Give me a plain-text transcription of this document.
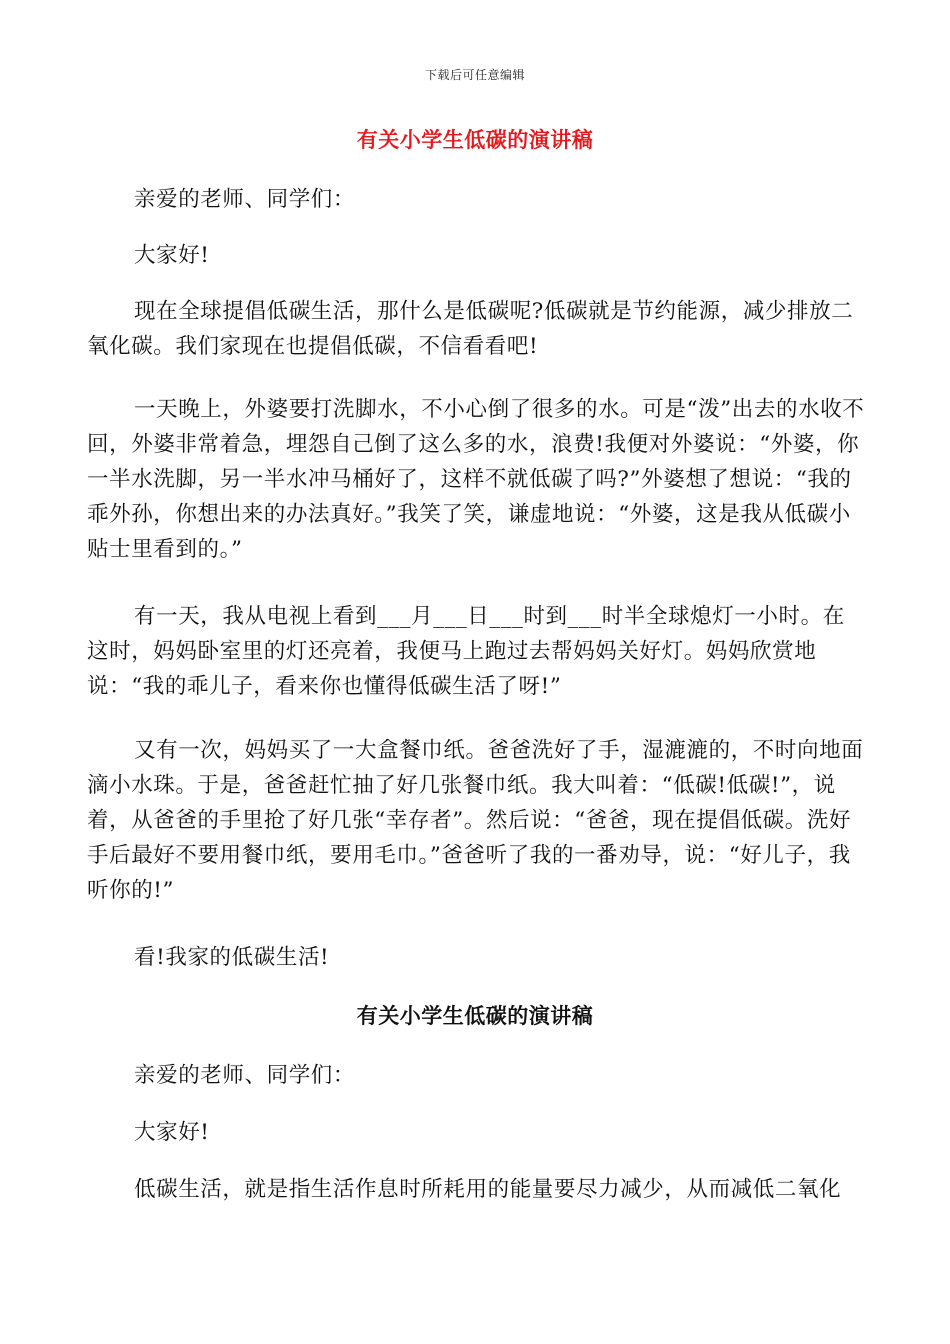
下载后可任意编辑
有关小学生低碳的演讲稿

亲爱的老师、同学们：

大家好!

现在全球提倡低碳生活，那什么是低碳呢?低碳就是节约能源，减少排放二氧化碳。我们家现在也提倡低碳，不信看看吧!

一天晚上，外婆要打洗脚水，不小心倒了很多的水。可是“泼”出去的水收不回，外婆非常着急，埋怨自己倒了这么多的水，浪费!我便对外婆说：“外婆，你一半水洗脚，另一半水冲马桶好了，这样不就低碳了吗?”外婆想了想说：“我的乖外孙，你想出来的办法真好。”我笑了笑，谦虚地说：“外婆，这是我从低碳小贴士里看到的。”

有一天，我从电视上看到___月___日___时到___时半全球熄灯一小时。在这时，妈妈卧室里的灯还亮着，我便马上跑过去帮妈妈关好灯。妈妈欣赏地说：“我的乖儿子，看来你也懂得低碳生活了呀!”

又有一次，妈妈买了一大盒餐巾纸。爸爸洗好了手，湿漉漉的，不时向地面滴小水珠。于是，爸爸赶忙抽了好几张餐巾纸。我大叫着：“低碳!低碳!”，说着，从爸爸的手里抢了好几张“幸存者”。然后说：“爸爸，现在提倡低碳。洗好手后最好不要用餐巾纸，要用毛巾。”爸爸听了我的一番劝导，说：“好儿子，我听你的!”

看!我家的低碳生活!

有关小学生低碳的演讲稿

亲爱的老师、同学们：

大家好!

低碳生活，就是指生活作息时所耗用的能量要尽力减少，从而减低二氧化
